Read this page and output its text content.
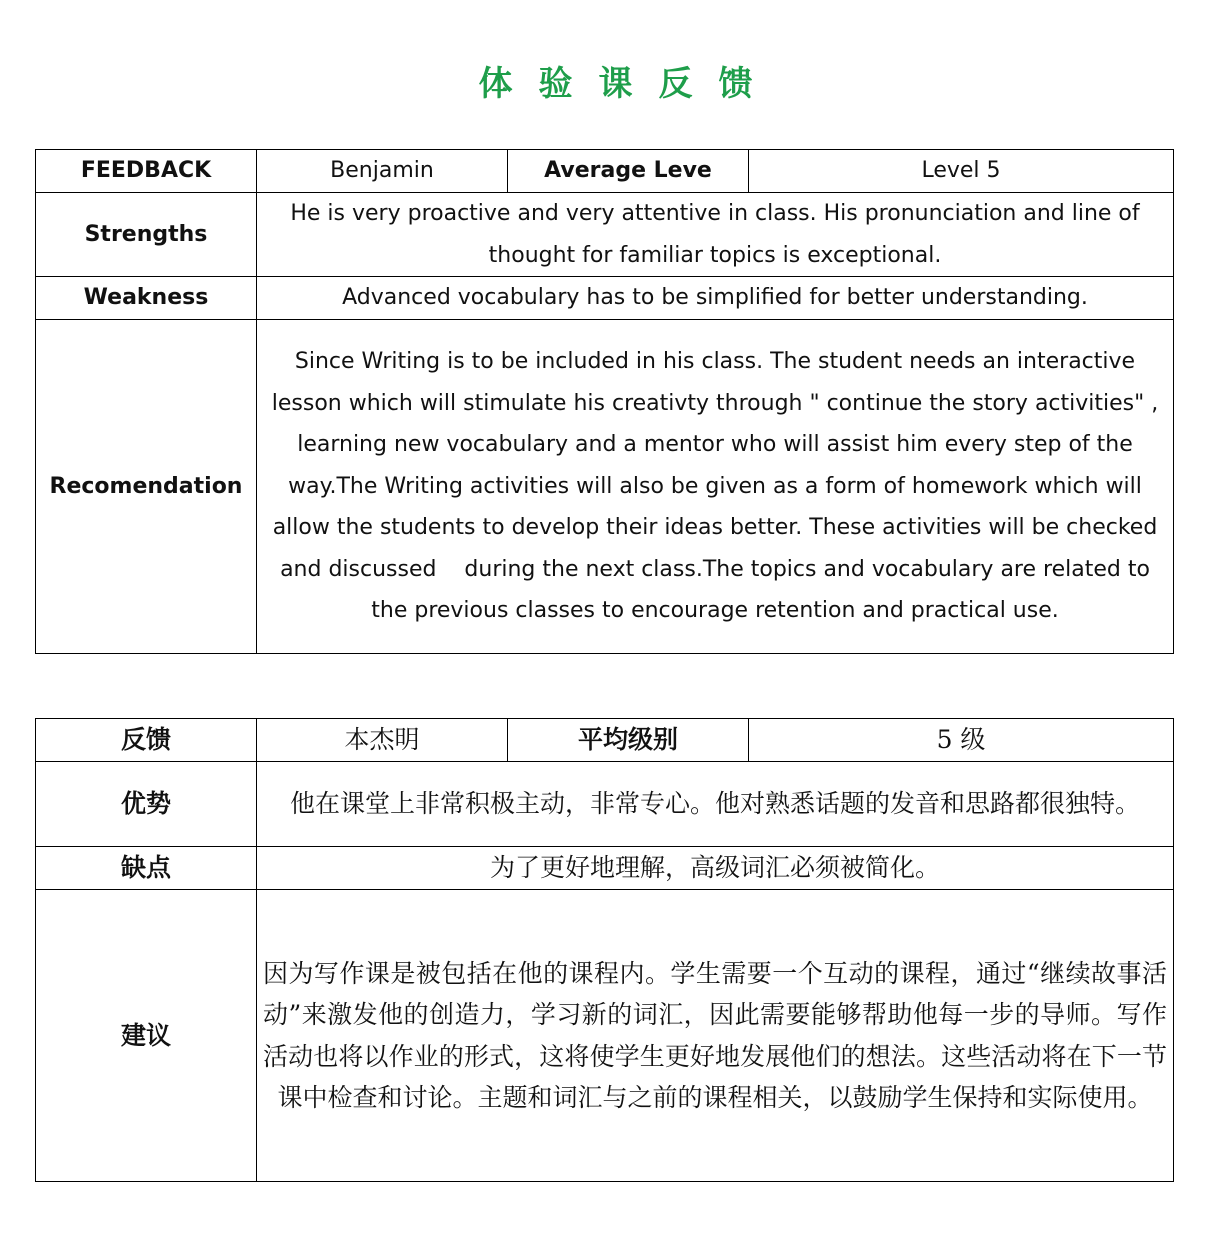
体验课反馈
FEEDBACK	Benjamin	Average Leve	Level 5
Strengths	He is very proactive and very attentive in class. His pronunciation and line of thought for familiar topics is exceptional.		
Weakness	Advanced vocabulary has to be simplified for better understanding.		
Recomendation	Since Writing is to be included in his class. The student needs an interactive lesson which will stimulate his creativty through " continue the story activities" , learning new vocabulary and a mentor who will assist him every step of the way.The Writing activities will also be given as a form of homework which will allow the students to develop their ideas better. These activities will be checked and discussed    during the next class.The topics and vocabulary are related to the previous classes to encourage retention and practical use.		
反馈	本杰明	平均级别	5 级
优势	他在课堂上非常积极主动，非常专心。他对熟悉话题的发音和思路都很独特。		
缺点	为了更好地理解，高级词汇必须被简化。		
建议	因为写作课是被包括在他的课程内。学生需要一个互动的课程，通过“继续故事活动”来激发他的创造力，学习新的词汇，因此需要能够帮助他每一步的导师。写作活动也将以作业的形式，这将使学生更好地发展他们的想法。这些活动将在下一节课中检查和讨论。主题和词汇与之前的课程相关，以鼓励学生保持和实际使用。		
